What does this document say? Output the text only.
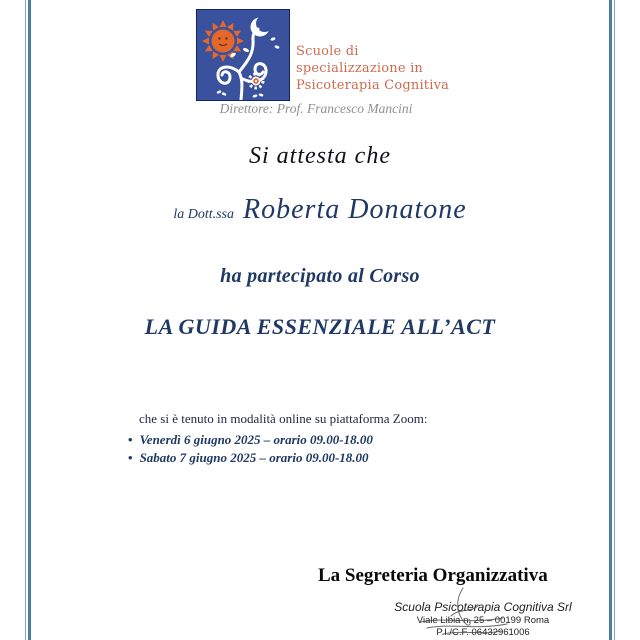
Scuole di
specializzazione in
Psicoterapia Cognitiva
Direttore: Prof. Francesco Mancini
Si attesta che
la Dott.ssa Roberta Donatone
ha partecipato al Corso
LA GUIDA ESSENZIALE ALL’ACT
che si è tenuto in modalità online su piattaforma Zoom:
• Venerdì 6 giugno 2025 – orario 09.00-18.00
• Sabato 7 giugno 2025 – orario 09.00-18.00
La Segreteria Organizzativa
Scuola Psicoterapia Cognitiva Srl
Viale Libia n. 25 – 00199 Roma
P.I./C.F. 06432961006
